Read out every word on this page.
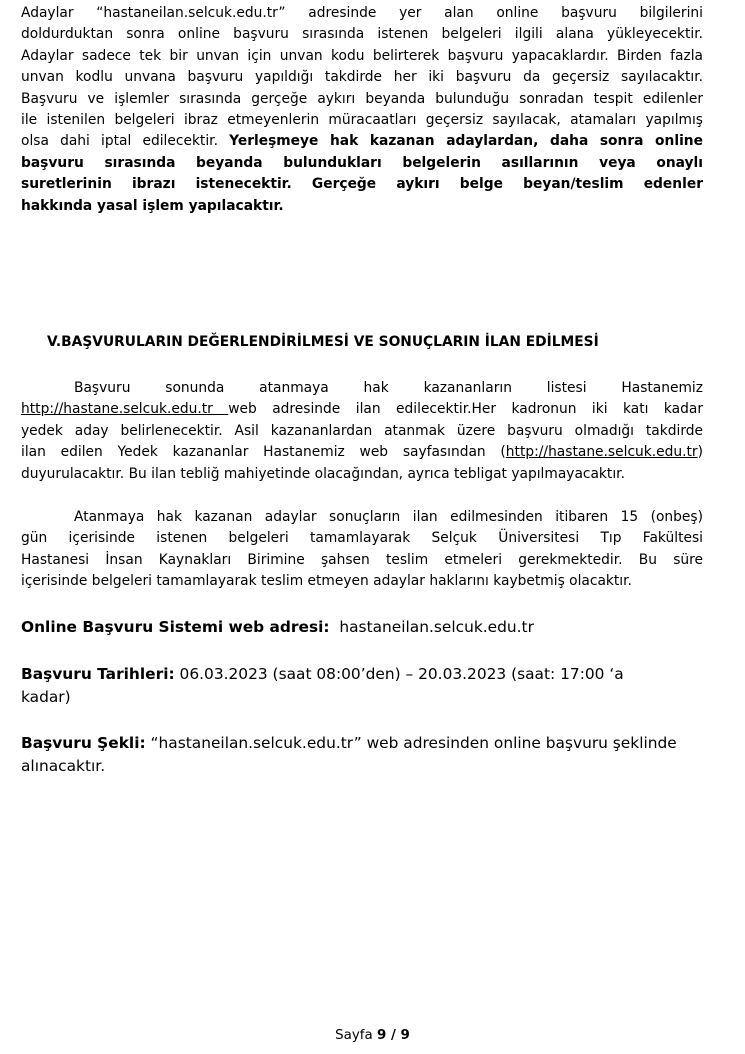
Adaylar “hastaneilan.selcuk.edu.tr” adresinde yer alan online başvuru bilgilerini
doldurduktan sonra online başvuru sırasında istenen belgeleri ilgili alana yükleyecektir.
Adaylar sadece tek bir unvan için unvan kodu belirterek başvuru yapacaklardır. Birden fazla
unvan kodlu unvana başvuru yapıldığı takdirde her iki başvuru da geçersiz sayılacaktır.
Başvuru ve işlemler sırasında gerçeğe aykırı beyanda bulunduğu sonradan tespit edilenler
ile istenilen belgeleri ibraz etmeyenlerin müracaatları geçersiz sayılacak, atamaları yapılmış
olsa dahi iptal edilecektir. Yerleşmeye hak kazanan adaylardan, daha sonra online
başvuru sırasında beyanda bulundukları belgelerin asıllarının veya onaylı
suretlerinin ibrazı istenecektir. Gerçeğe aykırı belge beyan/teslim edenler
hakkında yasal işlem yapılacaktır.
V.BAŞVURULARIN DEĞERLENDİRİLMESİ VE SONUÇLARIN İLAN EDİLMESİ
Başvuru sonunda atanmaya hak kazananların listesi Hastanemiz
http://hastane.selcuk.edu.tr web adresinde ilan edilecektir.Her kadronun iki katı kadar
yedek aday belirlenecektir. Asil kazananlardan atanmak üzere başvuru olmadığı takdirde
ilan edilen Yedek kazananlar Hastanemiz web sayfasından (http://hastane.selcuk.edu.tr)
duyurulacaktır. Bu ilan tebliğ mahiyetinde olacağından, ayrıca tebligat yapılmayacaktır.
Atanmaya hak kazanan adaylar sonuçların ilan edilmesinden itibaren 15 (onbeş)
gün içerisinde istenen belgeleri tamamlayarak Selçuk Üniversitesi Tıp Fakültesi
Hastanesi İnsan Kaynakları Birimine şahsen teslim etmeleri gerekmektedir. Bu süre
içerisinde belgeleri tamamlayarak teslim etmeyen adaylar haklarını kaybetmiş olacaktır.
Online Başvuru Sistemi web adresi: hastaneilan.selcuk.edu.tr
Başvuru Tarihleri: 06.03.2023 (saat 08:00’den) – 20.03.2023 (saat: 17:00 ‘a
kadar)
Başvuru Şekli: “hastaneilan.selcuk.edu.tr” web adresinden online başvuru şeklinde
alınacaktır.
Sayfa 9 / 9
